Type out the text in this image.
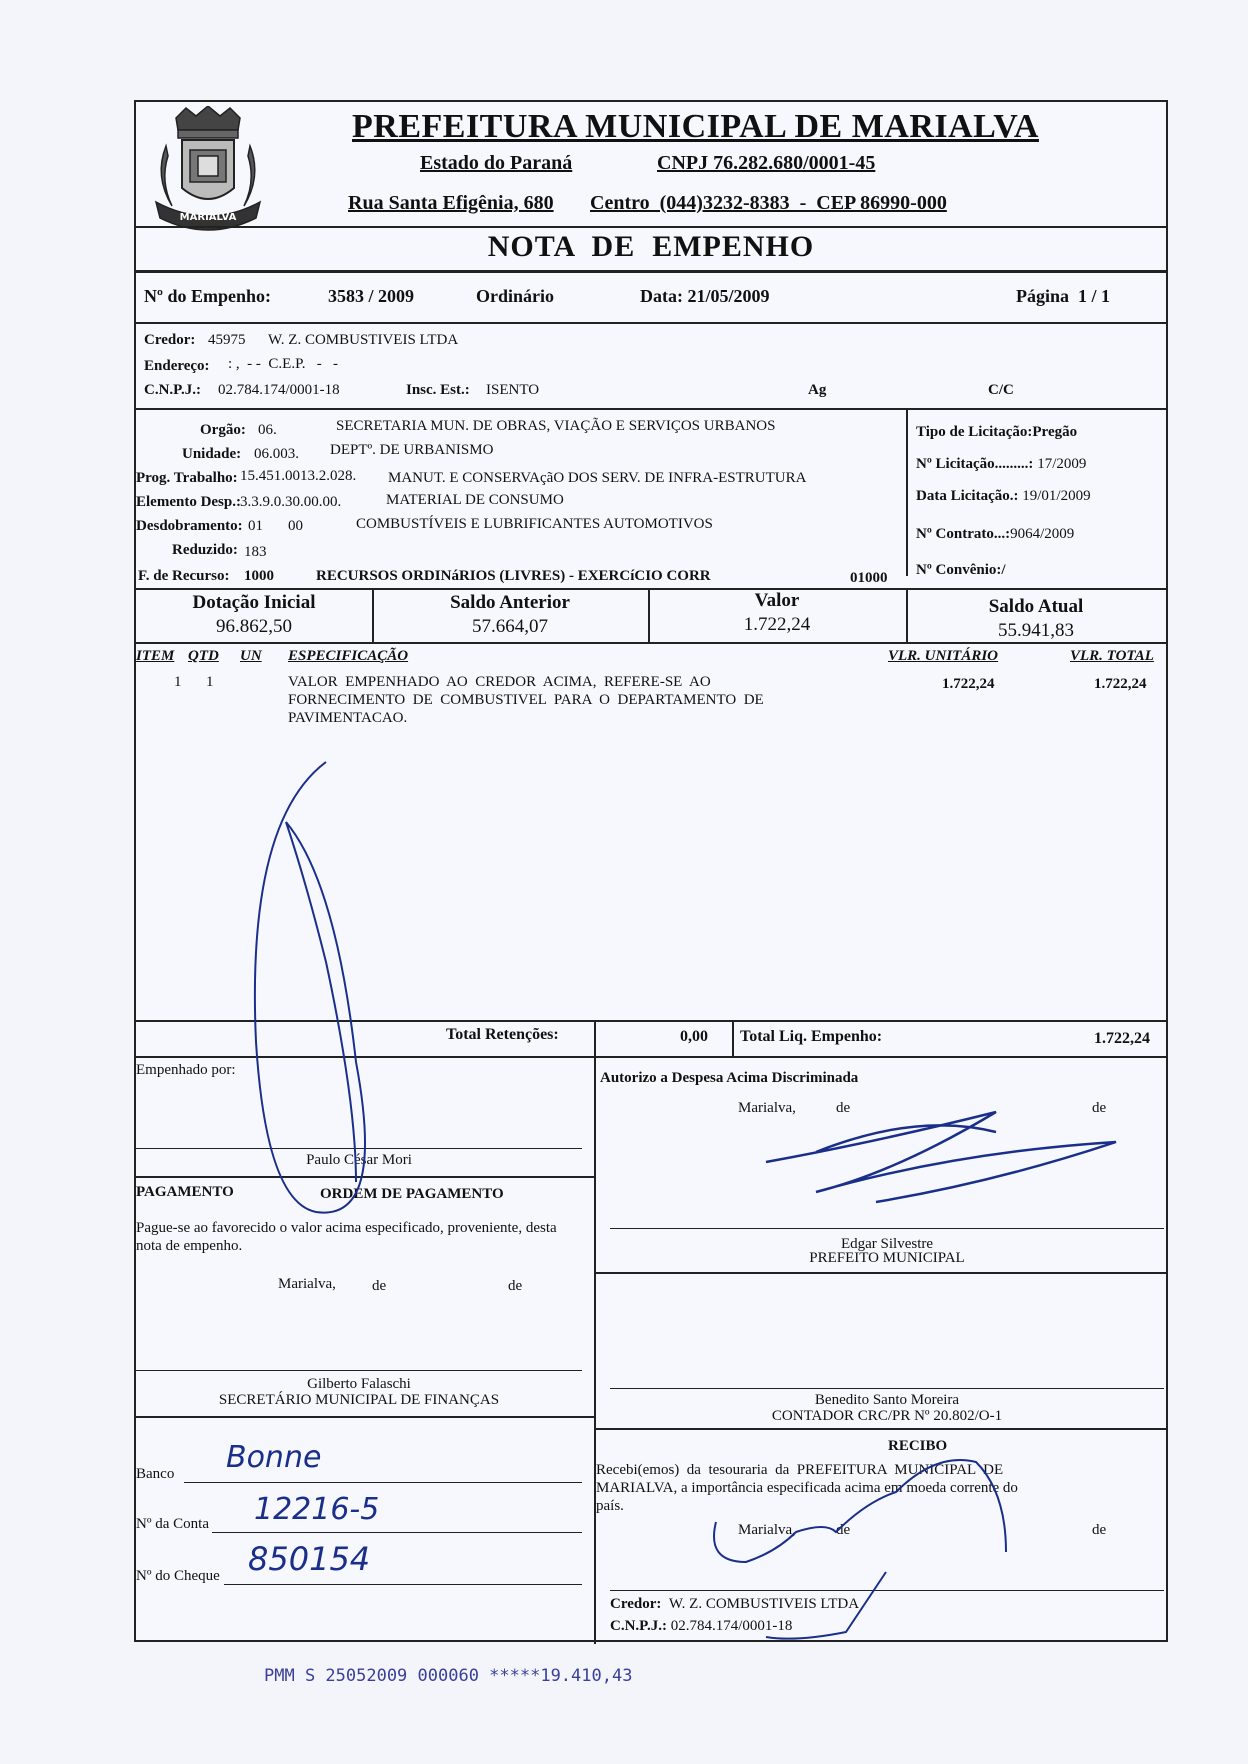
MARIALVA
PREFEITURA MUNICIPAL DE MARIALVA
Estado do Paraná	CNPJ 76.282.680/0001-45
Rua Santa Efigênia, 680 Centro  (044)3232-8383  -  CEP 86990-000
NOTA  DE  EMPENHO
Nº do Empenho:	3583 / 2009	Ordinário	Data: 21/05/2009	Página  1 / 1
Credor: 45975 W. Z. COMBUSTIVEIS LTDA
Endereço: : ,  - -  C.E.P.   -   -
C.N.P.J.: 02.784.174/0001-18	Insc. Est.: ISENTO	Ag	C/C
Orgão: 06.	SECRETARIA MUN. DE OBRAS, VIAÇÃO E SERVIÇOS URBANOS
Unidade: 06.003. DEPTº. DE URBANISMO
Prog. Trabalho: 15.451.0013.2.028. MANUT. E CONSERVAçãO DOS SERV. DE INFRA-ESTRUTURA
Elemento Desp.: 3.3.9.0.30.00.00.	MATERIAL DE CONSUMO
Desdobramento: 01 00	COMBUSTÍVEIS E LUBRIFICANTES AUTOMOTIVOS
Reduzido: 183
F. de Recurso: 1000	RECURSOS ORDINáRIOS (LIVRES) - EXERCíCIO CORR	01000
Tipo de Licitação:Pregão
Nº Licitação.........: 17/2009
Data Licitação.: 19/01/2009
Nº Contrato...:9064/2009
Nº Convênio:/
Dotação Inicial
96.862,50
Saldo Anterior
57.664,07
Valor
1.722,24
Saldo Atual
55.941,83
ITEM QTD UN ESPECIFICAÇÃO	VLR. UNITÁRIO	VLR. TOTAL
1 1	VALOR  EMPENHADO  AO  CREDOR  ACIMA,  REFERE-SE  AO
FORNECIMENTO  DE  COMBUSTIVEL  PARA  O  DEPARTAMENTO  DE
PAVIMENTACAO.
1.722,24	1.722,24
Total Retenções:	0,00 Total Liq. Empenho:	1.722,24
Empenhado por:
Paulo César Mori
Autorizo a Despesa Acima Discriminada
Marialva,	de	de
Edgar Silvestre
PREFEITO MUNICIPAL
PAGAMENTO	ORDEM DE PAGAMENTO
Pague-se ao favorecido o valor acima especificado, proveniente, desta
nota de empenho.
Marialva, de	de
Gilberto Falaschi
SECRETÁRIO MUNICIPAL DE FINANÇAS	Benedito Santo Moreira
CONTADOR CRC/PR Nº 20.802/O-1
Banco Bonne
Nº da Conta 12216-5
Nº do Cheque 850154
RECIBO
Recebi(emos)  da  tesouraria  da  PREFEITURA  MUNICIPAL  DE
MARIALVA, a importância especificada acima em moeda corrente do
país.
Marialva,	de	de
Credor: W. Z. COMBUSTIVEIS LTDA
C.N.P.J.: 02.784.174/0001-18
PMM S 25052009 000060 *****19.410,43
